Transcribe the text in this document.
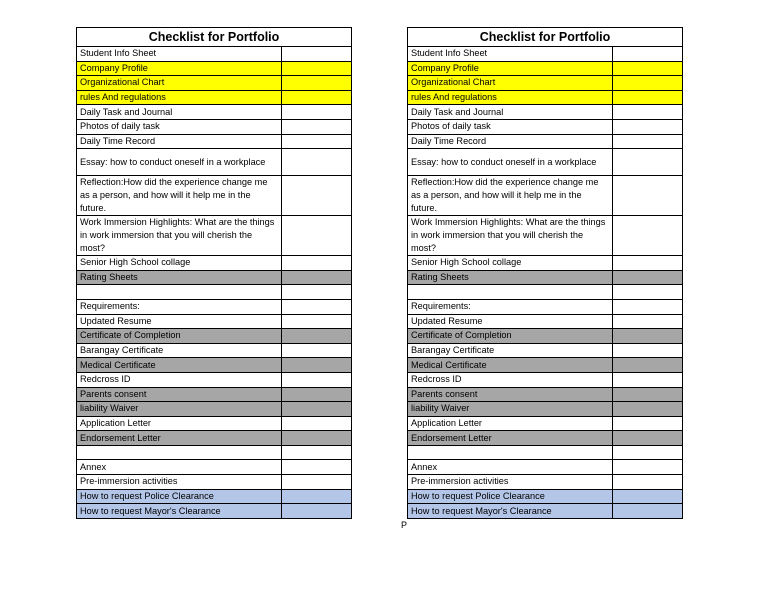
Checklist for Portfolio	
Student Info Sheet	
Company Profile	
Organizational Chart	
rules And regulations	
Daily Task and Journal	
Photos of daily task	
Daily Time Record	
Essay: how to conduct oneself in a workplace	
Reflection:How did the experience change me as a person, and how will it help me in the future.	
Work Immersion Highlights: What are the things in work immersion that you will cherish the most?	
Senior High School collage	
Rating Sheets	

Requirements:	
Updated Resume	
Certificate of Completion	
Barangay Certificate	
Medical Certificate	
Redcross ID	
Parents consent	
liability Waiver	
Application Letter	
Endorsement Letter	

Annex	
Pre-immersion activities	
How to request Police Clearance	
How to request Mayor's Clearance	
Checklist for Portfolio	
Student Info Sheet	
Company Profile	
Organizational Chart	
rules And regulations	
Daily Task and Journal	
Photos of daily task	
Daily Time Record	
Essay: how to conduct oneself in a workplace	
Reflection:How did the experience change me as a person, and how will it help me in the future.	
Work Immersion Highlights: What are the things in work immersion that you will cherish the most?	
Senior High School collage	
Rating Sheets	

Requirements:	
Updated Resume	
Certificate of Completion	
Barangay Certificate	
Medical Certificate	
Redcross ID	
Parents consent	
liability Waiver	
Application Letter	
Endorsement Letter	

Annex	
Pre-immersion activities	
How to request Police Clearance	
How to request Mayor's Clearance	
P
